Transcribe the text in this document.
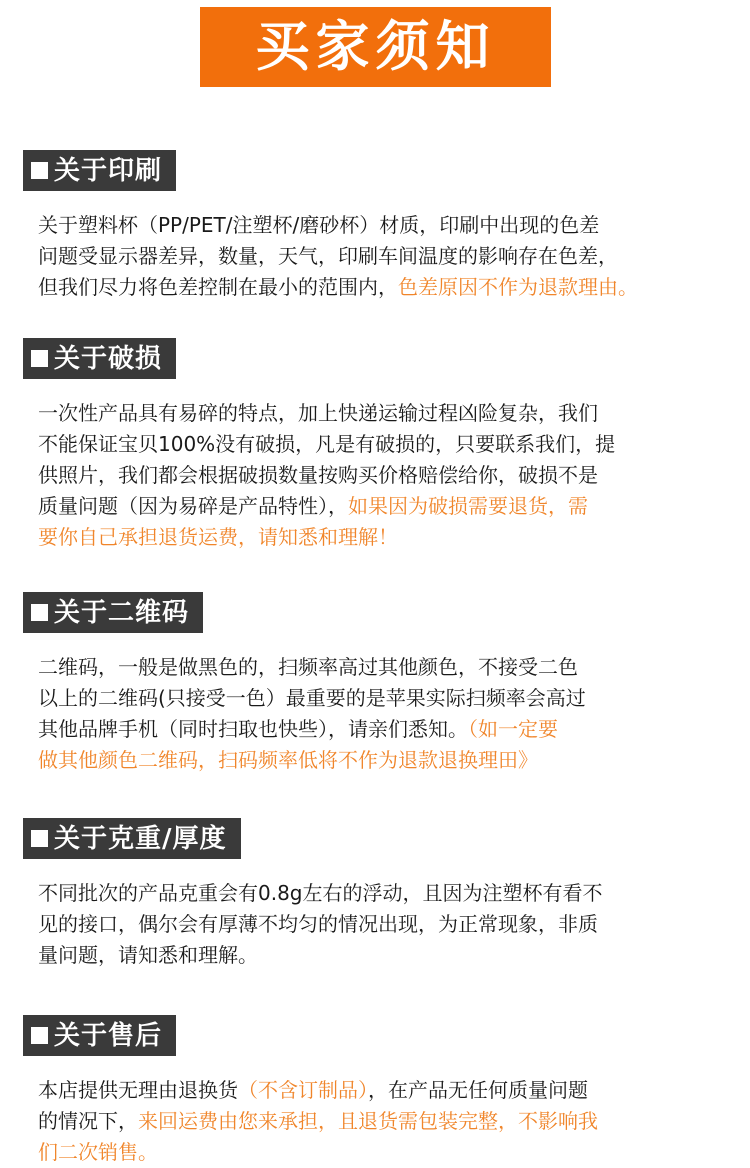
买家须知
关于印刷
关于塑料杯（PP/PET/注塑杯/磨砂杯）材质，印刷中出现的色差
问题受显示器差异，数量，天气，印刷车间温度的影响存在色差，
但我们尽力将色差控制在最小的范围内，色差原因不作为退款理由。
关于破损
一次性产品具有易碎的特点，加上快递运输过程凶险复杂，我们
不能保证宝贝100%没有破损，凡是有破损的，只要联系我们，提
供照片，我们都会根据破损数量按购买价格赔偿给你，破损不是
质量问题（因为易碎是产品特性），如果因为破损需要退货，需
要你自己承担退货运费，请知悉和理解！
关于二维码
二维码，一般是做黑色的，扫频率高过其他颜色，不接受二色
以上的二维码(只接受一色）最重要的是苹果实际扫频率会高过
其他品牌手机（同时扫取也快些），请亲们悉知。（如一定要
做其他颜色二维码，扫码频率低将不作为退款退换理田》
关于克重/厚度
不同批次的产品克重会有0.8g左右的浮动，且因为注塑杯有看不
见的接口，偶尔会有厚薄不均匀的情况出现，为正常现象，非质
量问题，请知悉和理解。
关于售后
本店提供无理由退换货（不含订制品），在产品无任何质量问题
的情况下，来回运费由您来承担，且退货需包装完整，不影响我
们二次销售。
